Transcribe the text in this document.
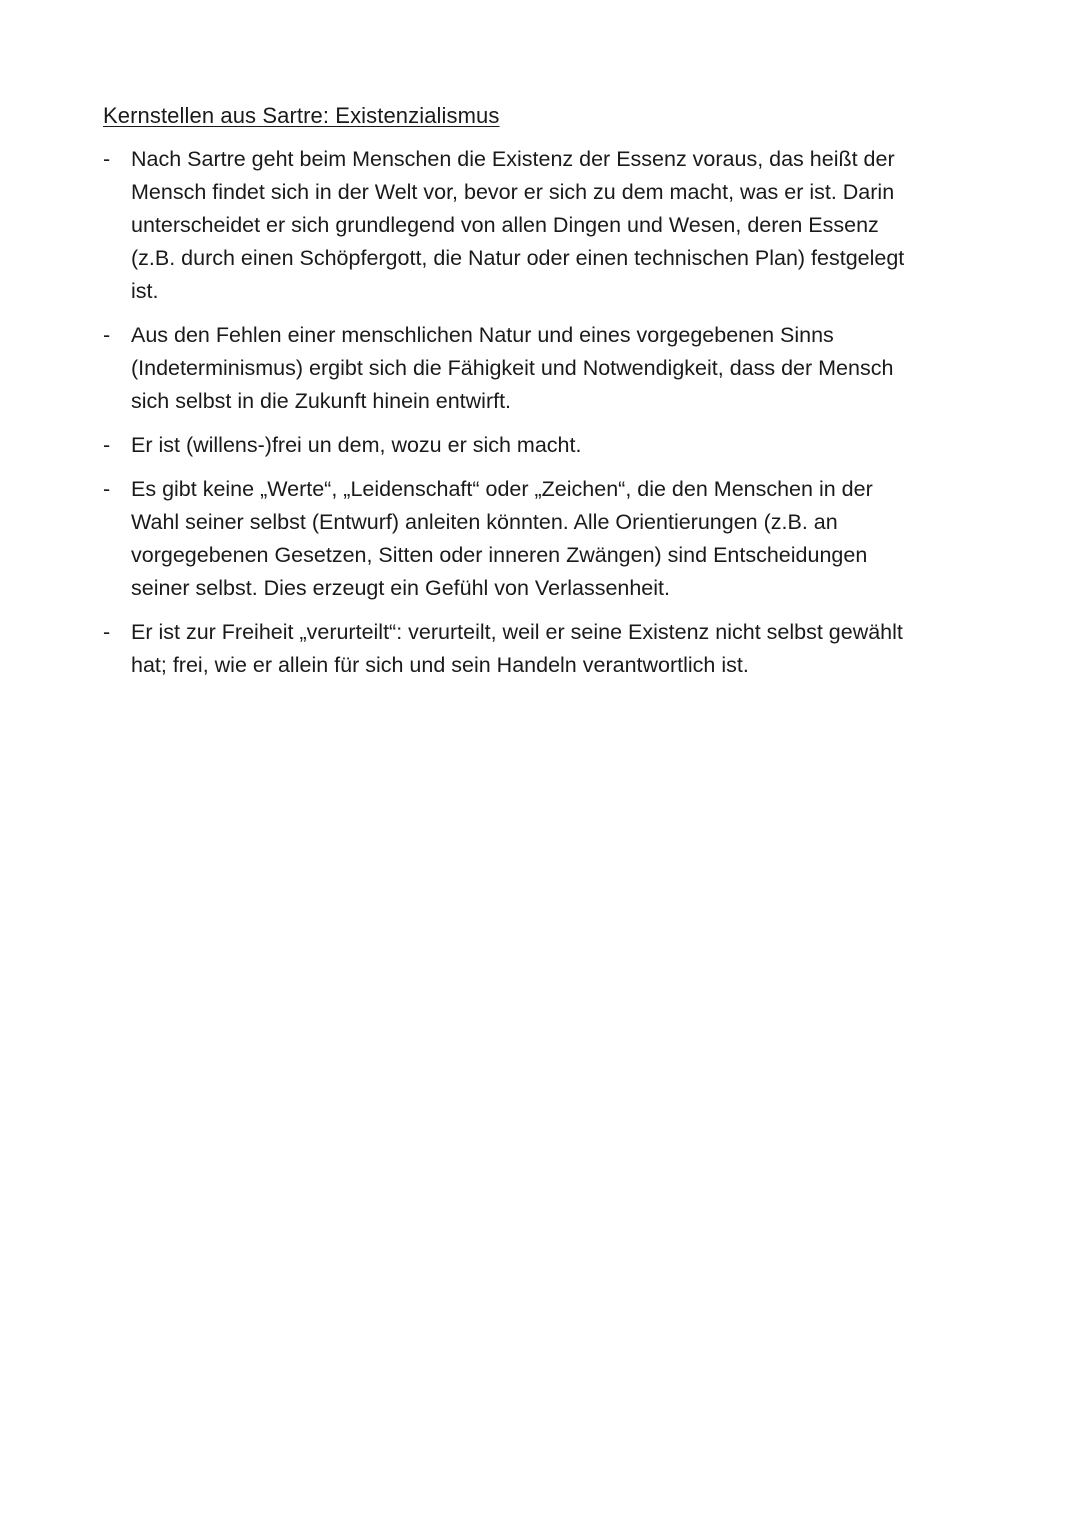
Kernstellen aus Sartre: Existenzialismus
- Nach Sartre geht beim Menschen die Existenz der Essenz voraus, das heißt der
Mensch findet sich in der Welt vor, bevor er sich zu dem macht, was er ist. Darin
unterscheidet er sich grundlegend von allen Dingen und Wesen, deren Essenz
(z.B. durch einen Schöpfergott, die Natur oder einen technischen Plan) festgelegt
ist.
- Aus den Fehlen einer menschlichen Natur und eines vorgegebenen Sinns
(Indeterminismus) ergibt sich die Fähigkeit und Notwendigkeit, dass der Mensch
sich selbst in die Zukunft hinein entwirft.
- Er ist (willens-)frei un dem, wozu er sich macht.
- Es gibt keine „Werte“, „Leidenschaft“ oder „Zeichen“, die den Menschen in der
Wahl seiner selbst (Entwurf) anleiten könnten. Alle Orientierungen (z.B. an
vorgegebenen Gesetzen, Sitten oder inneren Zwängen) sind Entscheidungen
seiner selbst. Dies erzeugt ein Gefühl von Verlassenheit.
- Er ist zur Freiheit „verurteilt“: verurteilt, weil er seine Existenz nicht selbst gewählt
hat; frei, wie er allein für sich und sein Handeln verantwortlich ist.
